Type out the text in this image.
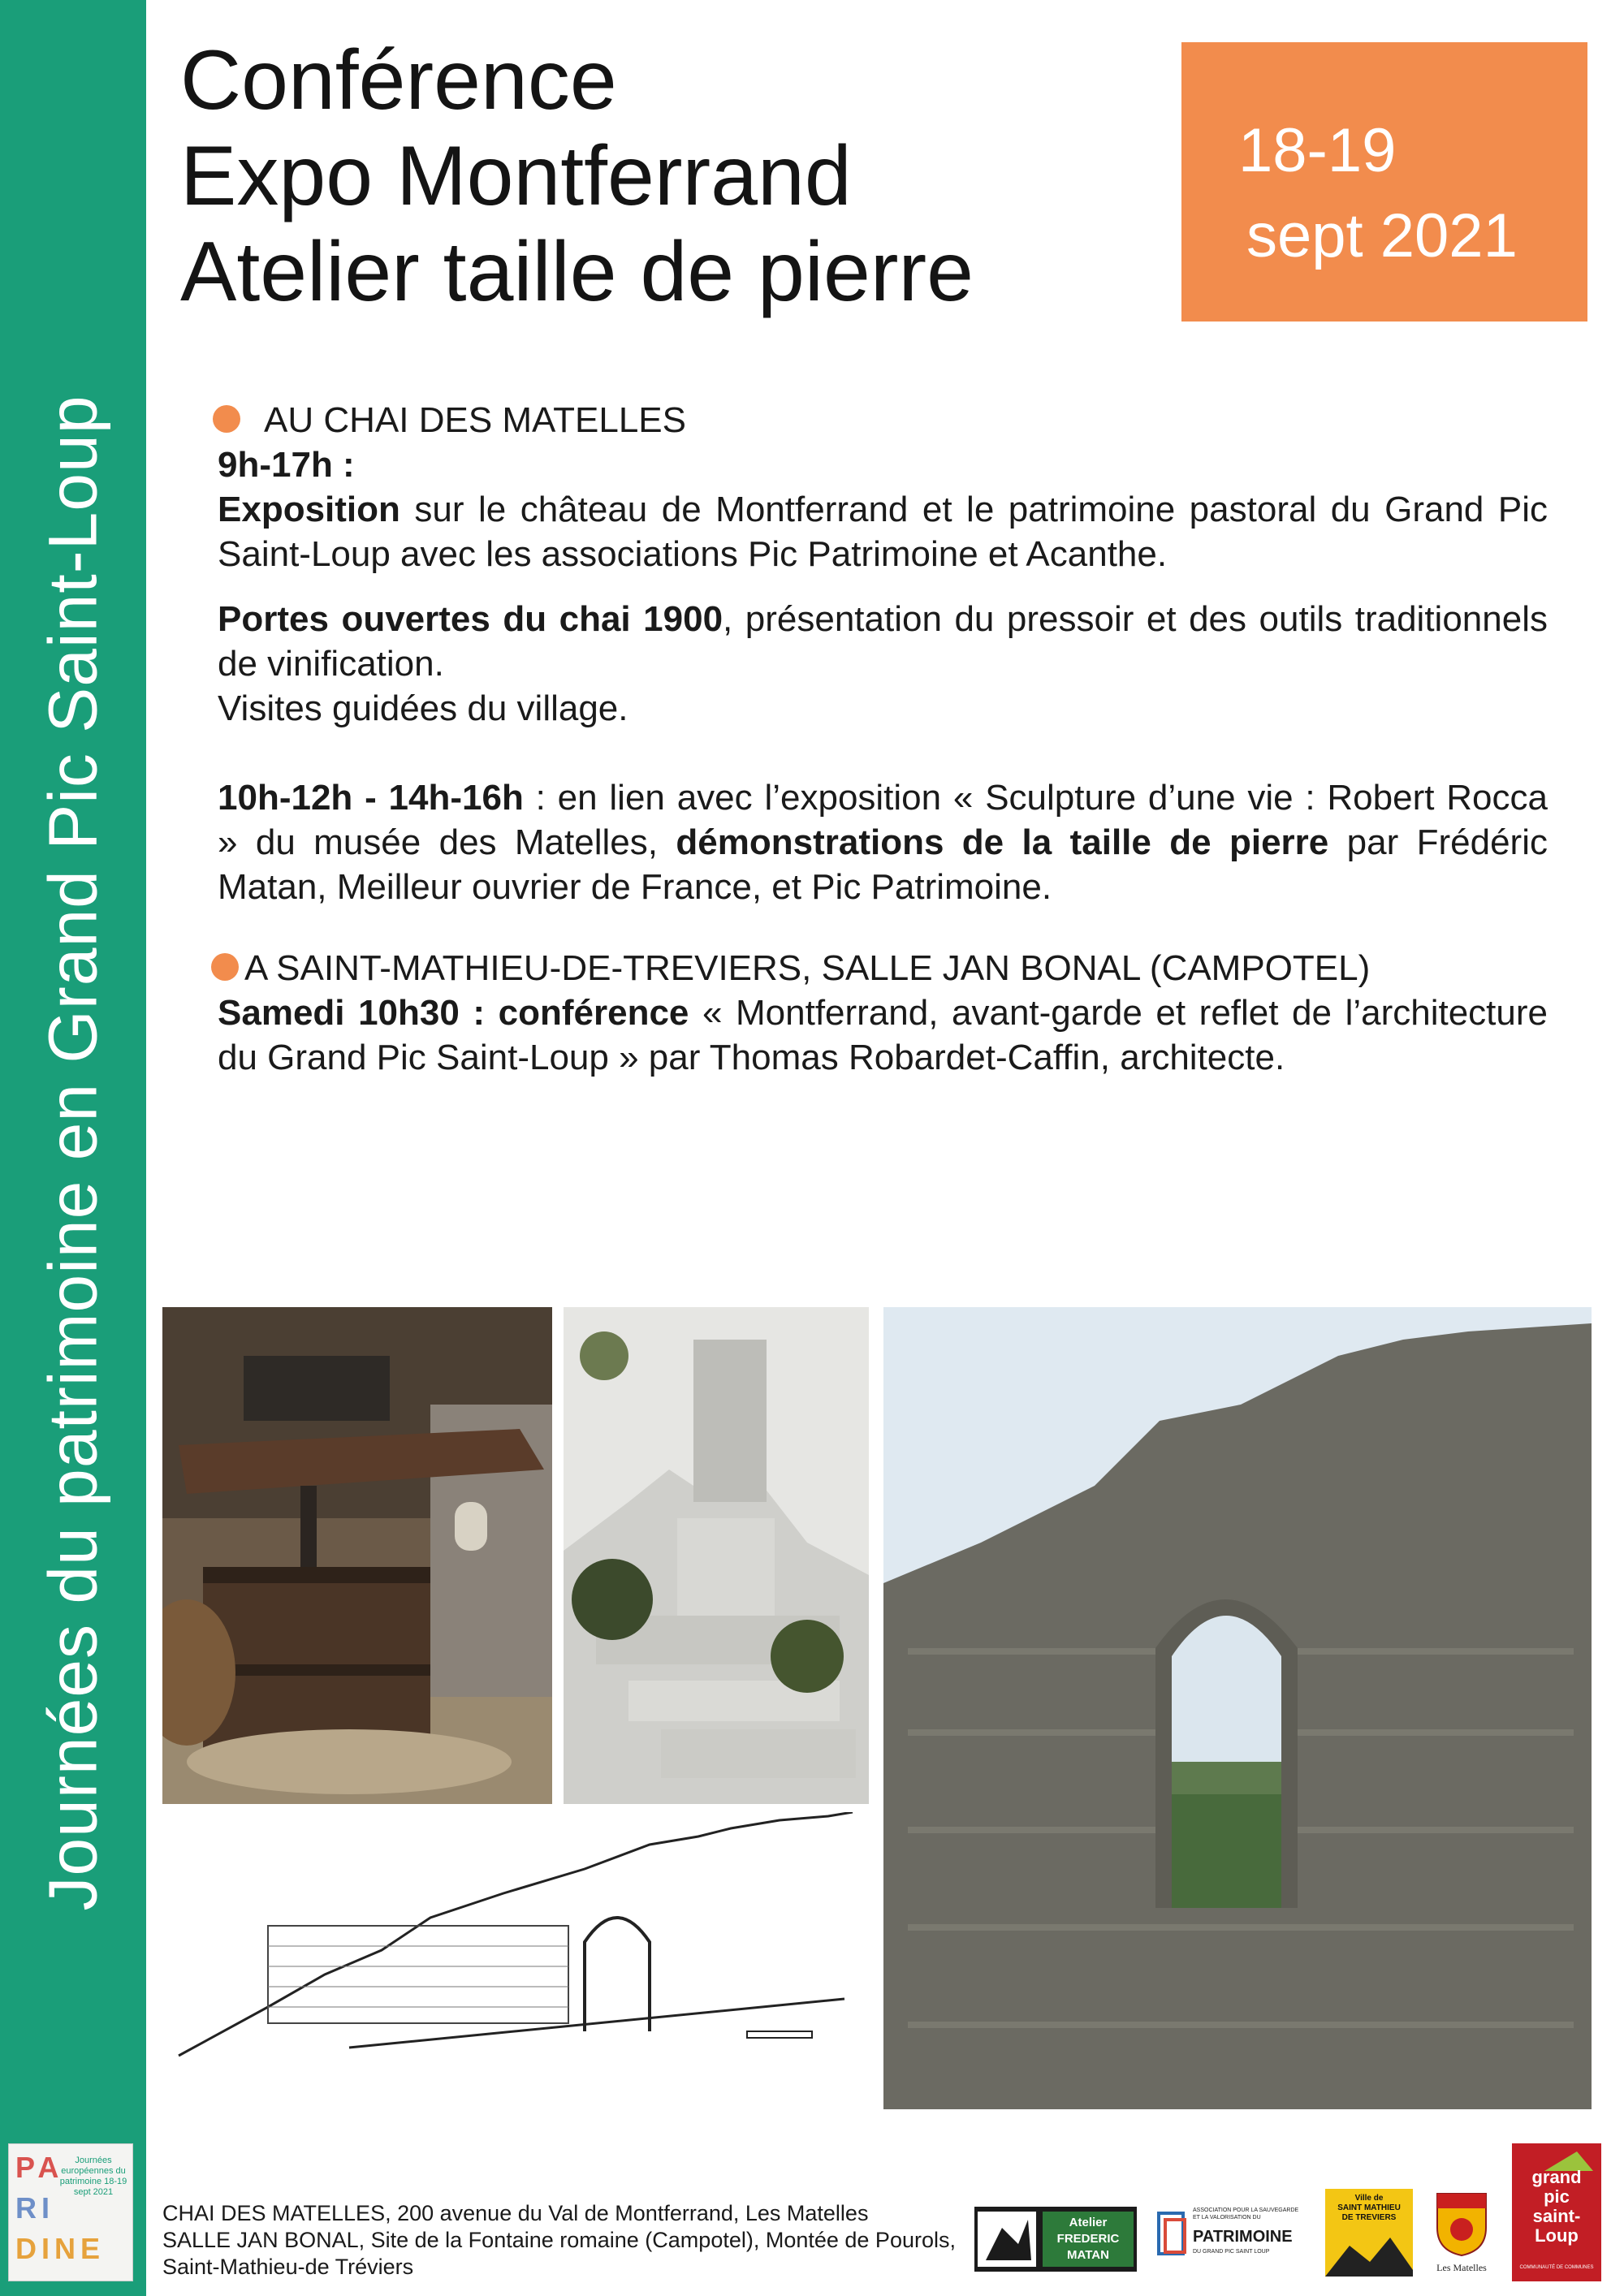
Journées du patrimoine en Grand Pic Saint-Loup
Conférence
Expo Montferrand
Atelier taille de pierre
18-19
sept 2021
AU CHAI DES MATELLES
9h-17h :
Exposition sur le château de Montferrand et le patrimoine pastoral du Grand Pic Saint-Loup avec les associations Pic Patrimoine et Acanthe.
Portes ouvertes du chai 1900, présentation du pressoir et des outils traditionnels de vinification.
Visites guidées du village.
10h-12h - 14h-16h : en lien avec l’exposition « Sculpture d’une vie : Robert Rocca » du musée des Matelles, démonstrations de la taille de pierre par Frédéric Matan, Meilleur ouvrier de France, et Pic Patrimoine.
A SAINT-MATHIEU-DE-TREVIERS, SALLE JAN BONAL (CAMPOTEL)
Samedi 10h30 : conférence « Montferrand, avant-garde et reflet de l’architecture du Grand Pic Saint-Loup » par Thomas Robardet-Caffin, architecte.
PA
RI
DINE
Journées européennes du patrimoine 18-19 sept 2021
CHAI DES MATELLES, 200 avenue du Val de Montferrand, Les Matelles
SALLE JAN BONAL, Site de la Fontaine romaine (Campotel), Montée de Pourols, Saint-Mathieu-de Tréviers
Atelier
FREDERIC
MATAN
ASSOCIATION POUR LA SAUVEGARDE ET LA VALORISATION DU
PATRIMOINE
DU GRAND PIC SAINT LOUP
Ville de
SAINT MATHIEU
DE TREVIERS
Les Matelles
grand
pic
saint-
Loup
COMMUNAUTÉ DE COMMUNES
